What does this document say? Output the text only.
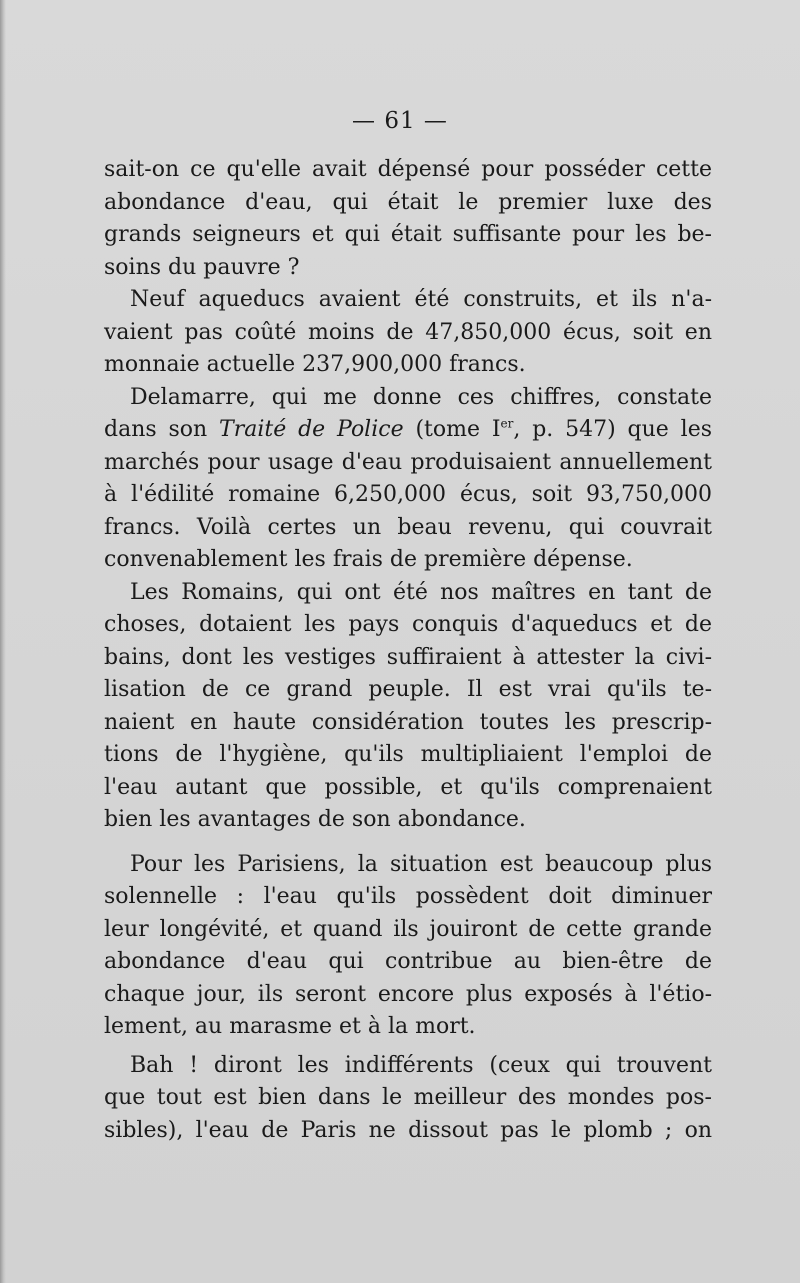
— 61 —

sait-on ce qu'elle avait dépensé pour posséder cette
abondance d'eau, qui était le premier luxe des
grands seigneurs et qui était suffisante pour les be-
soins du pauvre ?

Neuf aqueducs avaient été construits, et ils n'a-
vaient pas coûté moins de 47,850,000 écus, soit en
monnaie actuelle 237,900,000 francs.

Delamarre, qui me donne ces chiffres, constate
dans son Traité de Police (tome Ier, p. 547) que les
marchés pour usage d'eau produisaient annuellement
à l'édilité romaine 6,250,000 écus, soit 93,750,000
francs. Voilà certes un beau revenu, qui couvrait
convenablement les frais de première dépense.

Les Romains, qui ont été nos maîtres en tant de
choses, dotaient les pays conquis d'aqueducs et de
bains, dont les vestiges suffiraient à attester la civi-
lisation de ce grand peuple. Il est vrai qu'ils te-
naient en haute considération toutes les prescrip-
tions de l'hygiène, qu'ils multipliaient l'emploi de
l'eau autant que possible, et qu'ils comprenaient
bien les avantages de son abondance.

Pour les Parisiens, la situation est beaucoup plus
solennelle : l'eau qu'ils possèdent doit diminuer
leur longévité, et quand ils jouiront de cette grande
abondance d'eau qui contribue au bien-être de
chaque jour, ils seront encore plus exposés à l'étio-
lement, au marasme et à la mort.

Bah ! diront les indifférents (ceux qui trouvent
que tout est bien dans le meilleur des mondes pos-
sibles), l'eau de Paris ne dissout pas le plomb ; on
